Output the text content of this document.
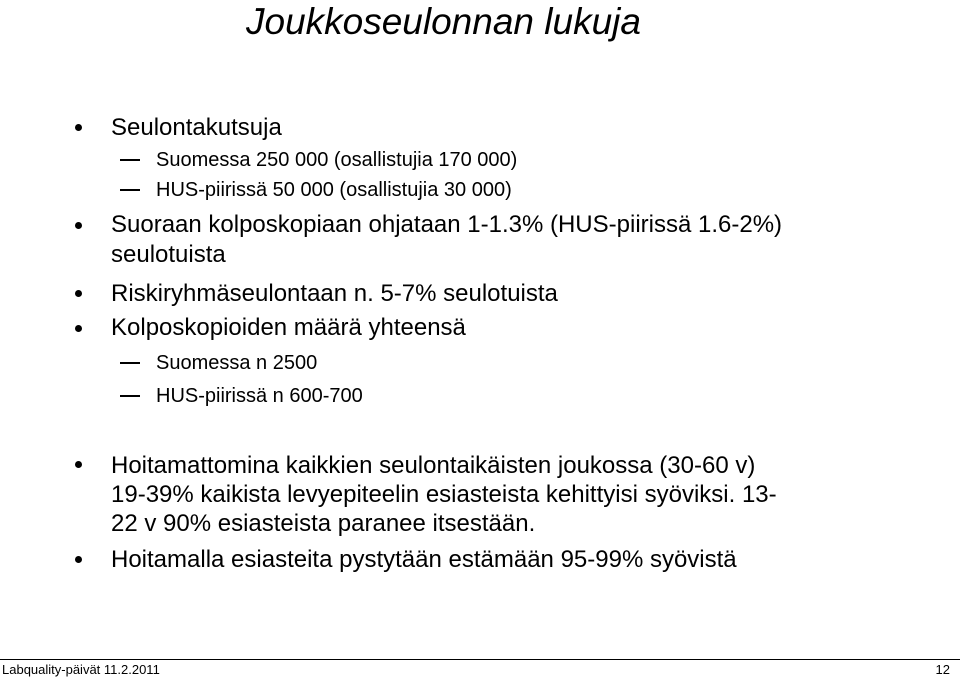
Joukkoseulonnan lukuja
Seulontakutsuja
Suomessa 250 000 (osallistujia 170 000)
HUS-piirissä 50 000 (osallistujia 30 000)
Suoraan kolposkopiaan ohjataan 1-1.3% (HUS-piirissä 1.6-2%)
seulotuista
Riskiryhmäseulontaan n. 5-7% seulotuista
Kolposkopioiden määrä yhteensä
Suomessa n 2500
HUS-piirissä n 600-700
Hoitamattomina kaikkien seulontaikäisten joukossa (30-60 v)
19-39% kaikista levyepiteelin esiasteista kehittyisi syöviksi. 13-
22 v 90% esiasteista paranee itsestään.
Hoitamalla esiasteita pystytään estämään 95-99% syövistä
Labquality-päivät 11.2.2011	12
